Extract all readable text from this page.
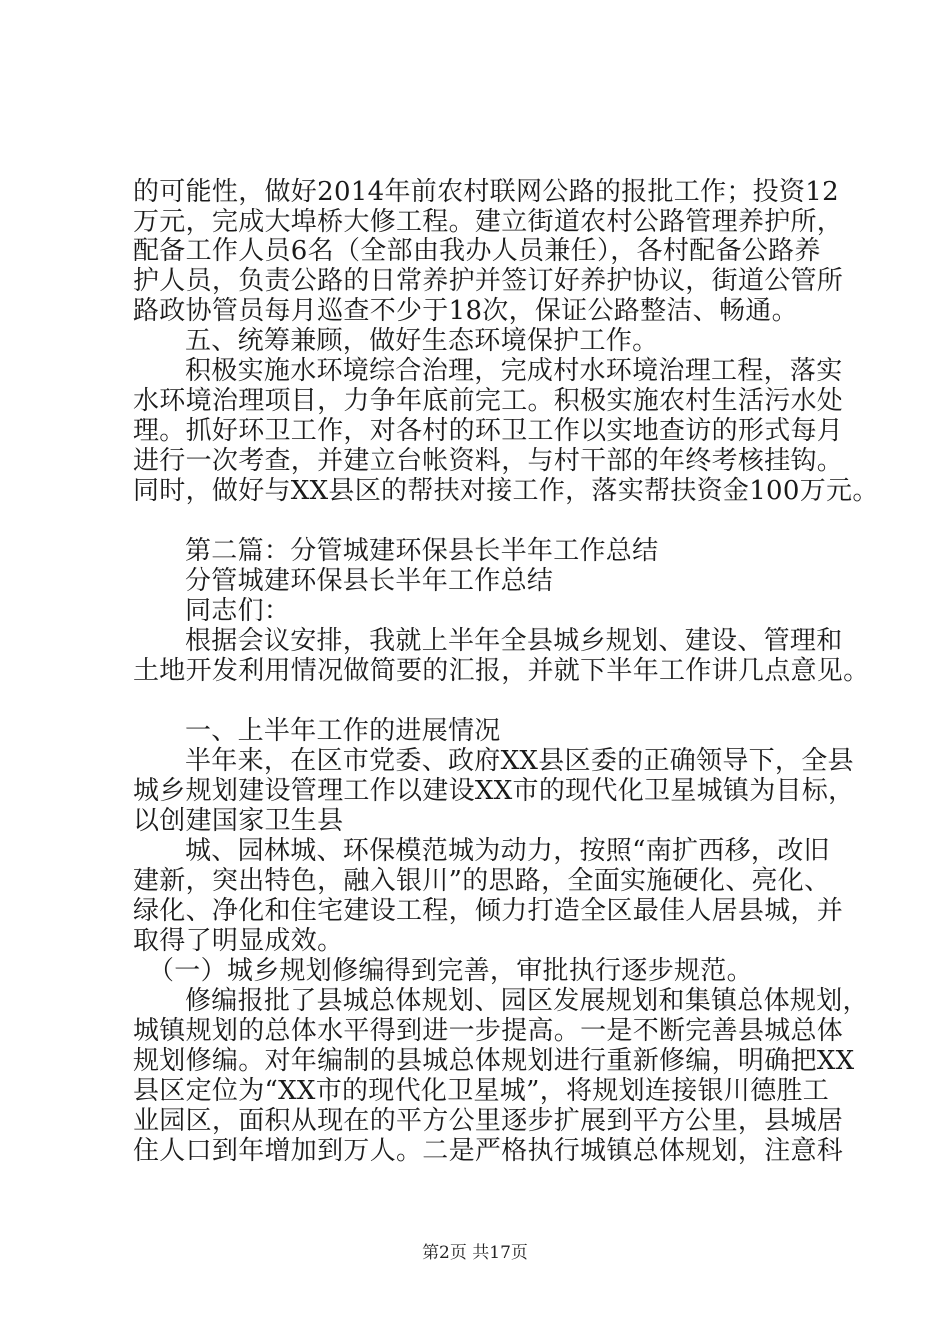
的可能性，做好2014年前农村联网公路的报批工作；投资12
万元，完成大埠桥大修工程。建立街道农村公路管理养护所，
配备工作人员6名（全部由我办人员兼任），各村配备公路养
护人员，负责公路的日常养护并签订好养护协议，街道公管所
路政协管员每月巡查不少于18次，保证公路整洁、畅通。
五、统筹兼顾，做好生态环境保护工作。
积极实施水环境综合治理，完成村水环境治理工程，落实
水环境治理项目，力争年底前完工。积极实施农村生活污水处
理。抓好环卫工作，对各村的环卫工作以实地查访的形式每月
进行一次考查，并建立台帐资料，与村干部的年终考核挂钩。
同时，做好与XX县区的帮扶对接工作，落实帮扶资金100万元。
第二篇：分管城建环保县长半年工作总结
分管城建环保县长半年工作总结
同志们：
根据会议安排，我就上半年全县城乡规划、建设、管理和
土地开发利用情况做简要的汇报，并就下半年工作讲几点意见。
一、上半年工作的进展情况
半年来，在区市党委、政府XX县区委的正确领导下，全县
城乡规划建设管理工作以建设XX市的现代化卫星城镇为目标，
以创建国家卫生县
城、园林城、环保模范城为动力，按照“南扩西移，改旧
建新，突出特色，融入银川”的思路，全面实施硬化、亮化、
绿化、净化和住宅建设工程，倾力打造全区最佳人居县城，并
取得了明显成效。
（一）城乡规划修编得到完善，审批执行逐步规范。
修编报批了县城总体规划、园区发展规划和集镇总体规划，
城镇规划的总体水平得到进一步提高。一是不断完善县城总体
规划修编。对年编制的县城总体规划进行重新修编，明确把XX
县区定位为“XX市的现代化卫星城”，将规划连接银川德胜工
业园区，面积从现在的平方公里逐步扩展到平方公里，县城居
住人口到年增加到万人。二是严格执行城镇总体规划，注意科
第2页 共17页
